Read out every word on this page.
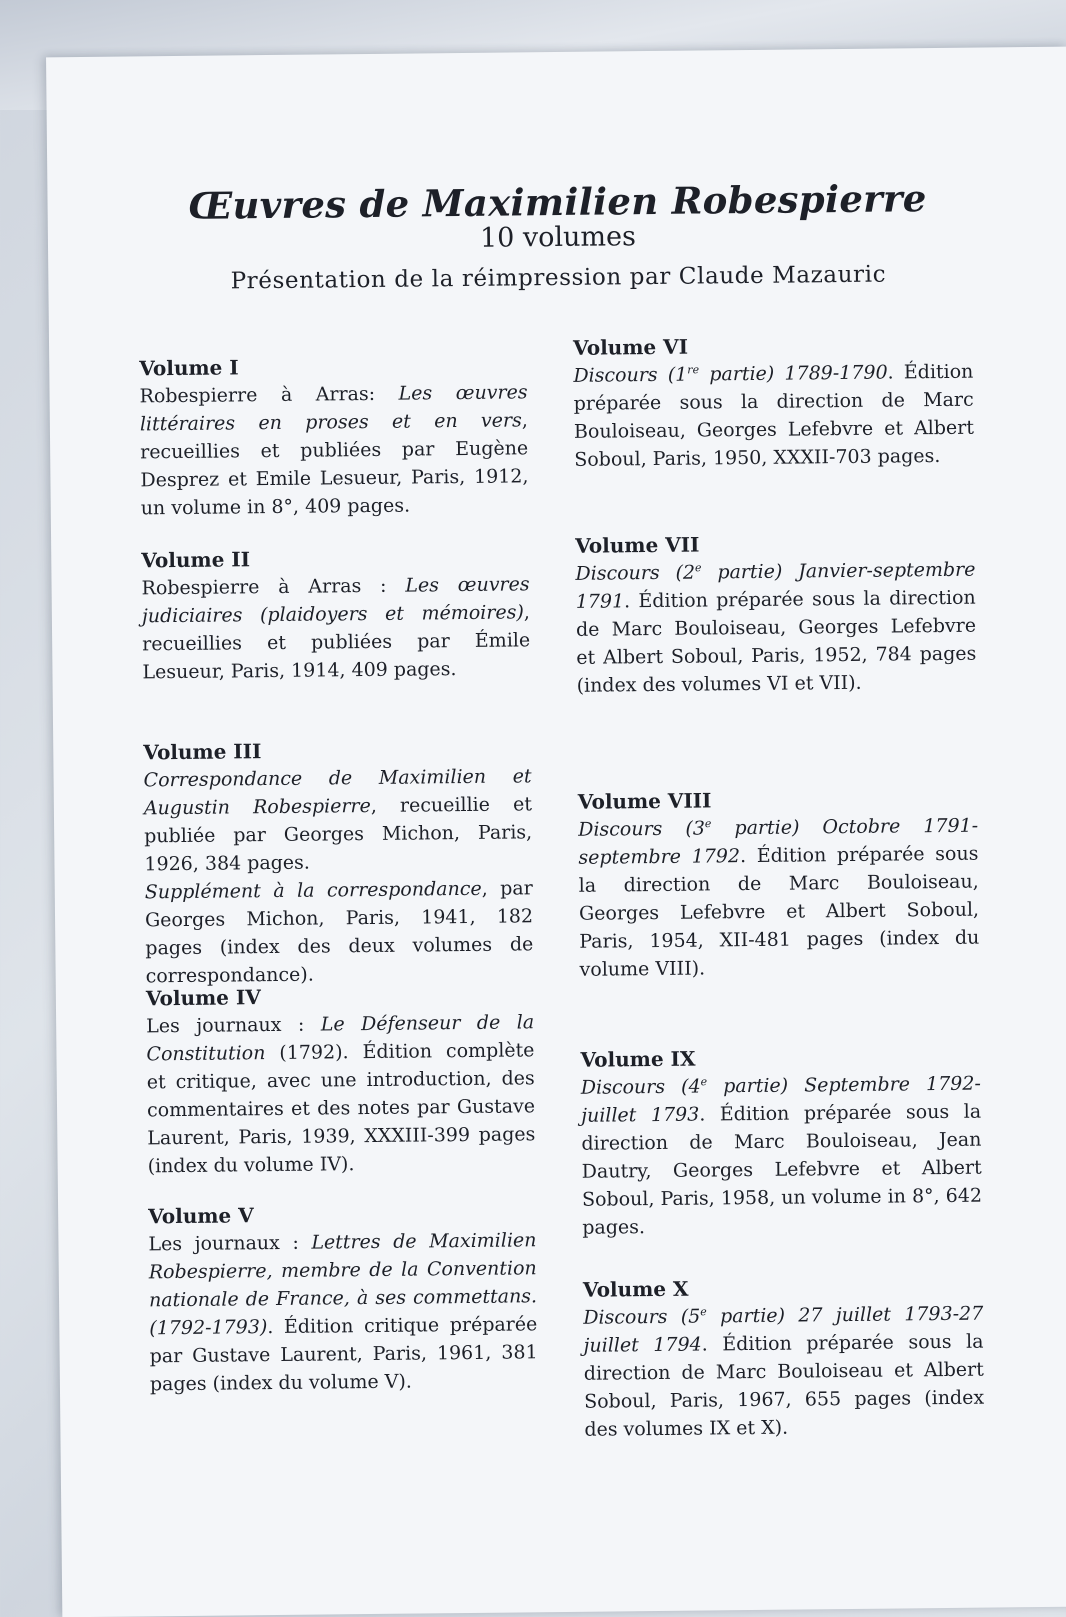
Œuvres de Maximilien Robespierre
10 volumes
Présentation de la réimpression par Claude Mazauric
Volume I

Robespierre à Arras: Les œuvres littéraires en proses et en vers, recueillies et publiées par Eugène Desprez et Emile Lesueur, Paris, 1912, un volume in 8°, 409 pages.

Volume II

Robespierre à Arras : Les œuvres judiciaires (plaidoyers et mémoires), recueillies et publiées par Émile Lesueur, Paris, 1914, 409 pages.

Volume III

Correspondance de Maximilien et Augustin Robespierre, recueillie et publiée par Georges Michon, Paris, 1926, 384 pages.
Supplément à la correspondance, par Georges Michon, Paris, 1941, 182 pages (index des deux volumes de correspondance).

Volume IV

Les journaux : Le Défenseur de la Constitution (1792). Édition complète et critique, avec une introduction, des commentaires et des notes par Gustave Laurent, Paris, 1939, XXXIII-399 pages (index du volume IV).

Volume V

Les journaux : Lettres de Maximilien Robespierre, membre de la Convention nationale de France, à ses commettans. (1792-1793). Édition critique préparée par Gustave Laurent, Paris, 1961, 381 pages (index du volume V).

Volume VI

Discours (1re partie) 1789-1790. Édition préparée sous la direction de Marc Bouloiseau, Georges Lefebvre et Albert Soboul, Paris, 1950, XXXII-703 pages.

Volume VII

Discours (2e partie) Janvier-septembre 1791. Édition préparée sous la direction de Marc Bouloiseau, Georges Lefebvre et Albert Soboul, Paris, 1952, 784 pages (index des volumes VI et VII).

Volume VIII

Discours (3e partie) Octobre 1791-septembre 1792. Édition préparée sous la direction de Marc Bouloiseau, Georges Lefebvre et Albert Soboul, Paris, 1954, XII-481 pages (index du volume VIII).

Volume IX

Discours (4e partie) Septembre 1792-juillet 1793. Édition préparée sous la direction de Marc Bouloiseau, Jean Dautry, Georges Lefebvre et Albert Soboul, Paris, 1958, un volume in 8°, 642 pages.

Volume X

Discours (5e partie) 27 juillet 1793-27 juillet 1794. Édition préparée sous la direction de Marc Bouloiseau et Albert Soboul, Paris, 1967, 655 pages (index des volumes IX et X).
